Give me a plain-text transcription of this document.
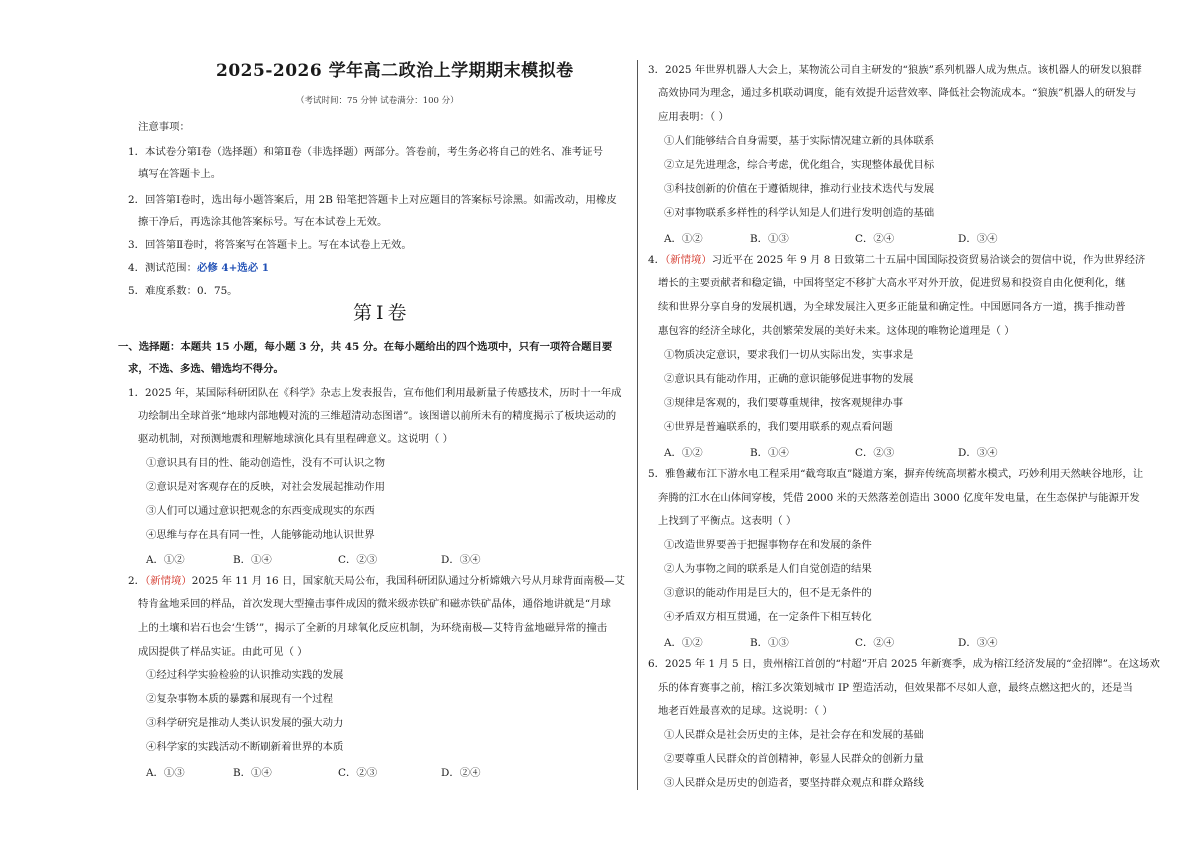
2025-2026 学年高二政治上学期期末模拟卷
（考试时间：75 分钟 试卷满分：100 分）
注意事项：
1．本试卷分第Ⅰ卷（选择题）和第Ⅱ卷（非选择题）两部分。答卷前，考生务必将自己的姓名、准考证号
填写在答题卡上。
2．回答第Ⅰ卷时，选出每小题答案后，用 2B 铅笔把答题卡上对应题目的答案标号涂黑。如需改动，用橡皮
擦干净后，再选涂其他答案标号。写在本试卷上无效。
3．回答第Ⅱ卷时，将答案写在答题卡上。写在本试卷上无效。
4．测试范围：必修 4+选必 1
5．难度系数：0．75。
第Ⅰ卷
一、选择题：本题共 15 小题，每小题 3 分，共 45 分。在每小题给出的四个选项中，只有一项符合题目要
求，不选、多选、错选均不得分。
1．2025 年，某国际科研团队在《科学》杂志上发表报告，宣布他们利用最新量子传感技术，历时十一年成
功绘制出全球首张“地球内部地幔对流的三维超清动态图谱”。该图谱以前所未有的精度揭示了板块运动的
驱动机制，对预测地震和理解地球演化具有里程碑意义。这说明（ ）
①意识具有目的性、能动创造性，没有不可认识之物
②意识是对客观存在的反映，对社会发展起推动作用
③人们可以通过意识把观念的东西变成现实的东西
④思维与存在具有同一性，人能够能动地认识世界
A．①②	B．①④	C．②③	D．③④
2．（新情境）2025 年 11 月 16 日，国家航天局公布，我国科研团队通过分析嫦娥六号从月球背面南极—艾
特肯盆地采回的样品，首次发现大型撞击事件成因的微米级赤铁矿和磁赤铁矿晶体，通俗地讲就是“月球
上的土壤和岩石也会‘生锈’”，揭示了全新的月球氧化反应机制，为环绕南极—艾特肯盆地磁异常的撞击
成因提供了样品实证。由此可见（ ）
①经过科学实验检验的认识推动实践的发展
②复杂事物本质的暴露和展现有一个过程
③科学研究是推动人类认识发展的强大动力
④科学家的实践活动不断刷新着世界的本质
A．①③	B．①④	C．②③	D．②④
3．2025 年世界机器人大会上，某物流公司自主研发的“狼族”系列机器人成为焦点。该机器人的研发以狼群
高效协同为理念，通过多机联动调度，能有效提升运营效率、降低社会物流成本。“狼族”机器人的研发与
应用表明：（ ）
①人们能够结合自身需要，基于实际情况建立新的具体联系
②立足先进理念，综合考虑，优化组合，实现整体最优目标
③科技创新的价值在于遵循规律，推动行业技术迭代与发展
④对事物联系多样性的科学认知是人们进行发明创造的基础
A．①②	B．①③	C．②④	D．③④
4．（新情境）习近平在 2025 年 9 月 8 日致第二十五届中国国际投资贸易洽谈会的贺信中说，作为世界经济
增长的主要贡献者和稳定锚，中国将坚定不移扩大高水平对外开放，促进贸易和投资自由化便利化，继
续和世界分享自身的发展机遇，为全球发展注入更多正能量和确定性。中国愿同各方一道，携手推动普
惠包容的经济全球化，共创繁荣发展的美好未来。这体现的唯物论道理是（ ）
①物质决定意识，要求我们一切从实际出发，实事求是
②意识具有能动作用，正确的意识能够促进事物的发展
③规律是客观的，我们要尊重规律，按客观规律办事
④世界是普遍联系的，我们要用联系的观点看问题
A．①②	B．①④	C．②③	D．③④
5．雅鲁藏布江下游水电工程采用“截弯取直”隧道方案，摒弃传统高坝蓄水模式，巧妙利用天然峡谷地形，让
奔腾的江水在山体间穿梭，凭借 2000 米的天然落差创造出 3000 亿度年发电量，在生态保护与能源开发
上找到了平衡点。这表明（ ）
①改造世界要善于把握事物存在和发展的条件
②人为事物之间的联系是人们自觉创造的结果
③意识的能动作用是巨大的，但不是无条件的
④矛盾双方相互贯通，在一定条件下相互转化
A．①②	B．①③	C．②④	D．③④
6．2025 年 1 月 5 日，贵州榕江首创的“村超”开启 2025 年新赛季，成为榕江经济发展的“金招牌”。在这场欢
乐的体育赛事之前，榕江多次策划城市 IP 塑造活动，但效果都不尽如人意，最终点燃这把火的，还是当
地老百姓最喜欢的足球。这说明：（ ）
①人民群众是社会历史的主体，是社会存在和发展的基础
②要尊重人民群众的首创精神，彰显人民群众的创新力量
③人民群众是历史的创造者，要坚持群众观点和群众路线
